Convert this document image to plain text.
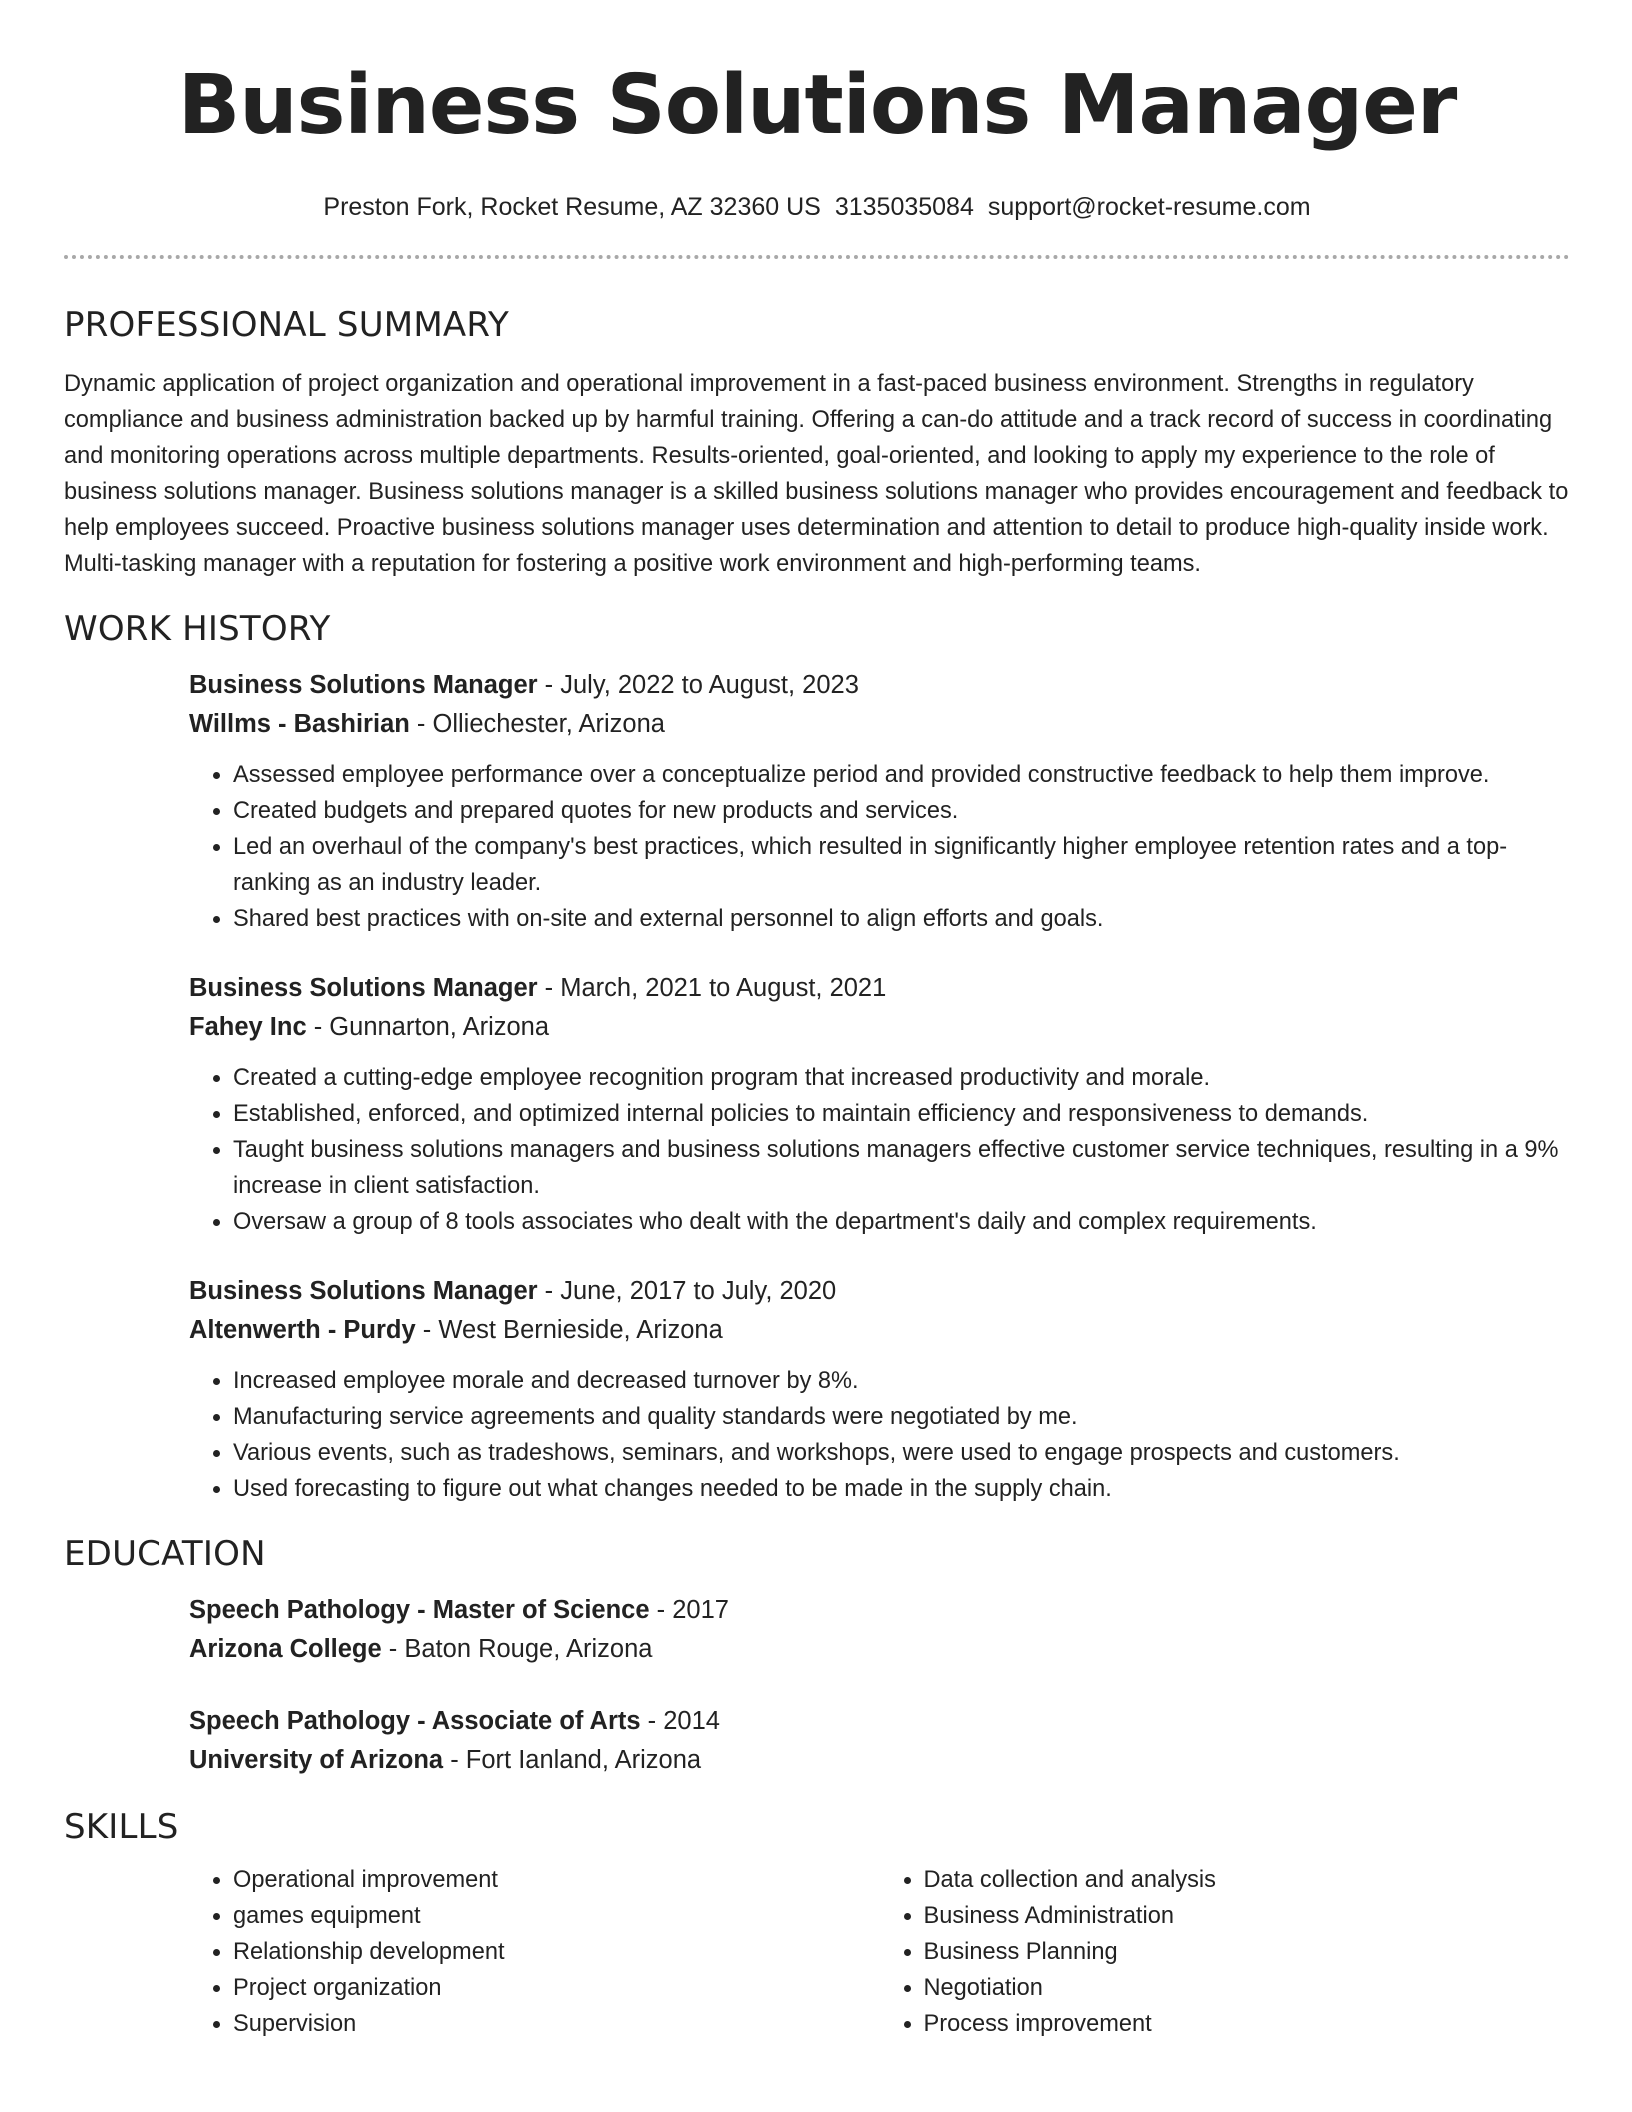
Business Solutions Manager
Preston Fork, Rocket Resume, AZ 32360 US 3135035084 support@rocket-resume.com
PROFESSIONAL SUMMARY

Dynamic application of project organization and operational improvement in a fast-paced business environment. Strengths in regulatory compliance and business administration backed up by harmful training. Offering a can-do attitude and a track record of success in coordinating and monitoring operations across multiple departments. Results-oriented, goal-oriented, and looking to apply my experience to the role of business solutions manager. Business solutions manager is a skilled business solutions manager who provides encouragement and feedback to help employees succeed. Proactive business solutions manager uses determination and attention to detail to produce high-quality inside work. Multi-tasking manager with a reputation for fostering a positive work environment and high-performing teams.

WORK HISTORY
Business Solutions Manager - July, 2022 to August, 2023
Willms - Bashirian - Olliechester, Arizona
• Assessed employee performance over a conceptualize period and provided constructive feedback to help them improve.
• Created budgets and prepared quotes for new products and services.
• Led an overhaul of the company's best practices, which resulted in significantly higher employee retention rates and a top-ranking as an industry leader.
• Shared best practices with on-site and external personnel to align efforts and goals.
Business Solutions Manager - March, 2021 to August, 2021
Fahey Inc - Gunnarton, Arizona
• Created a cutting-edge employee recognition program that increased productivity and morale.
• Established, enforced, and optimized internal policies to maintain efficiency and responsiveness to demands.
• Taught business solutions managers and business solutions managers effective customer service techniques, resulting in a 9% increase in client satisfaction.
• Oversaw a group of 8 tools associates who dealt with the department's daily and complex requirements.
Business Solutions Manager - June, 2017 to July, 2020
Altenwerth - Purdy - West Bernieside, Arizona
• Increased employee morale and decreased turnover by 8%.
• Manufacturing service agreements and quality standards were negotiated by me.
• Various events, such as tradeshows, seminars, and workshops, were used to engage prospects and customers.
• Used forecasting to figure out what changes needed to be made in the supply chain.
EDUCATION
Speech Pathology - Master of Science - 2017
Arizona College - Baton Rouge, Arizona
Speech Pathology - Associate of Arts - 2014
University of Arizona - Fort Ianland, Arizona
SKILLS
• Operational improvement
• games equipment
• Relationship development
• Project organization
• Supervision
• Data collection and analysis
• Business Administration
• Business Planning
• Negotiation
• Process improvement
